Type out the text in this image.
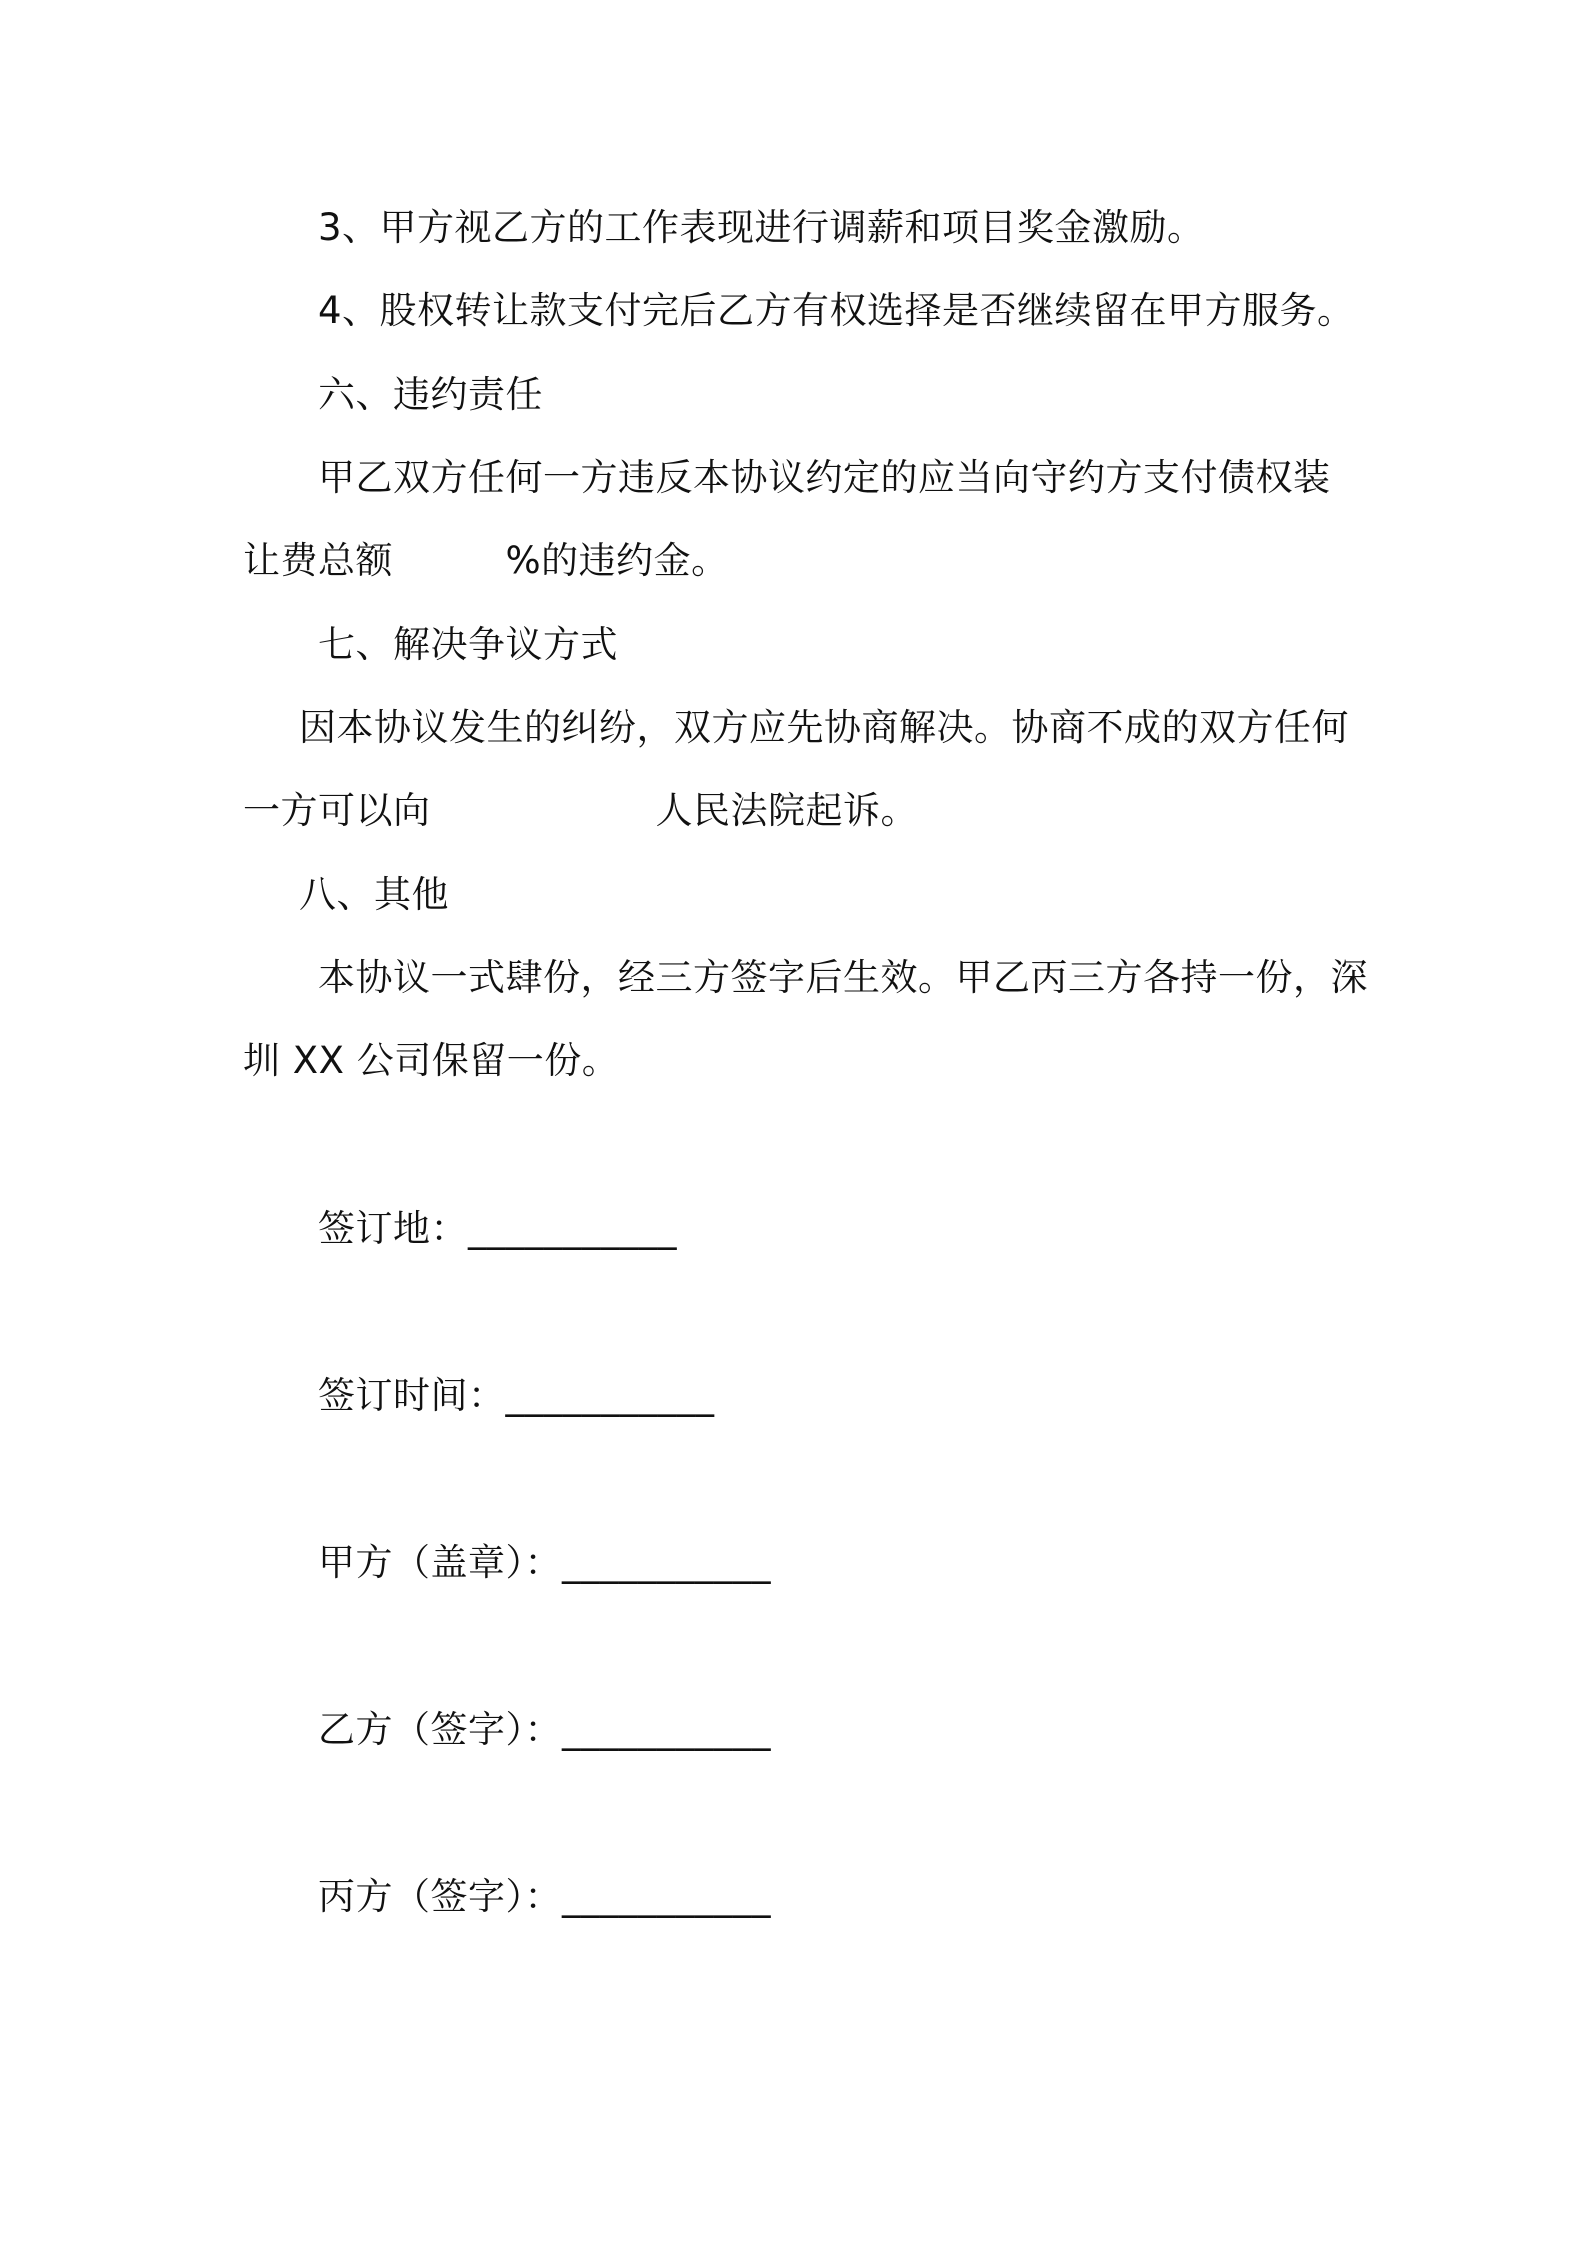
3、甲方视乙方的工作表现进行调薪和项目奖金激励。
4、股权转让款支付完后乙方有权选择是否继续留在甲方服务。
六、违约责任
甲乙双方任何一方违反本协议约定的应当向守约方支付债权装
让费总额　　　%的违约金。
七、解决争议方式
因本协议发生的纠纷，双方应先协商解决。协商不成的双方任何
一方可以向　　　　　　人民法院起诉。
八、其他
本协议一式肆份，经三方签字后生效。甲乙丙三方各持一份，深
圳 XX 公司保留一份。
签订地：___________
签订时间：___________
甲方（盖章）：___________
乙方（签字）：___________
丙方（签字）：___________
